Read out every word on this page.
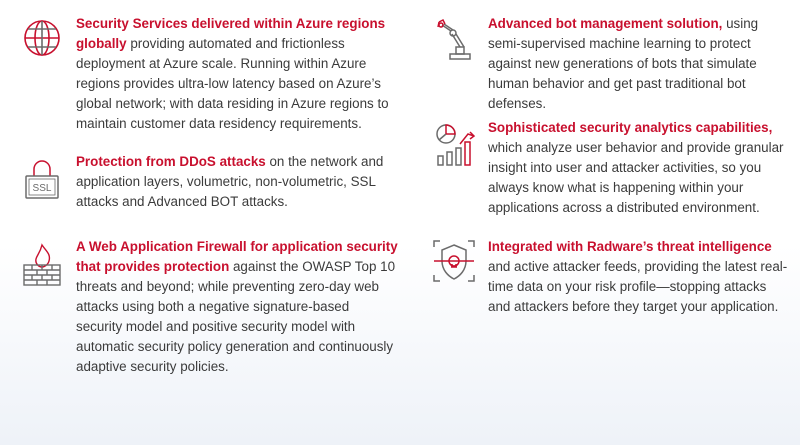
Security Services delivered within Azure regions globally providing automated and frictionless deployment at Azure scale. Running within Azure regions provides ultra-low latency based on Azure’s global network; with data residing in Azure regions to maintain customer data residency requirements.
SSL
Protection from DDoS attacks on the network and application layers, volumetric, non-volumetric, SSL attacks and Advanced BOT attacks.
A Web Application Firewall for application security that provides protection against the OWASP Top 10 threats and beyond; while preventing zero-day web attacks using both a negative signature-based security model and positive security model with automatic security policy generation and continuously adaptive security policies.
Advanced bot management solution, using semi-supervised machine learning to protect against new generations of bots that simulate human behavior and get past traditional bot defenses.
Sophisticated security analytics capabilities, which analyze user behavior and provide granular insight into user and attacker activities, so you always know what is happening within your applications across a distributed environment.
Integrated with Radware’s threat intelligence and active attacker feeds, providing the latest real-time data on your risk profile—stopping attacks and attackers before they target your application.
